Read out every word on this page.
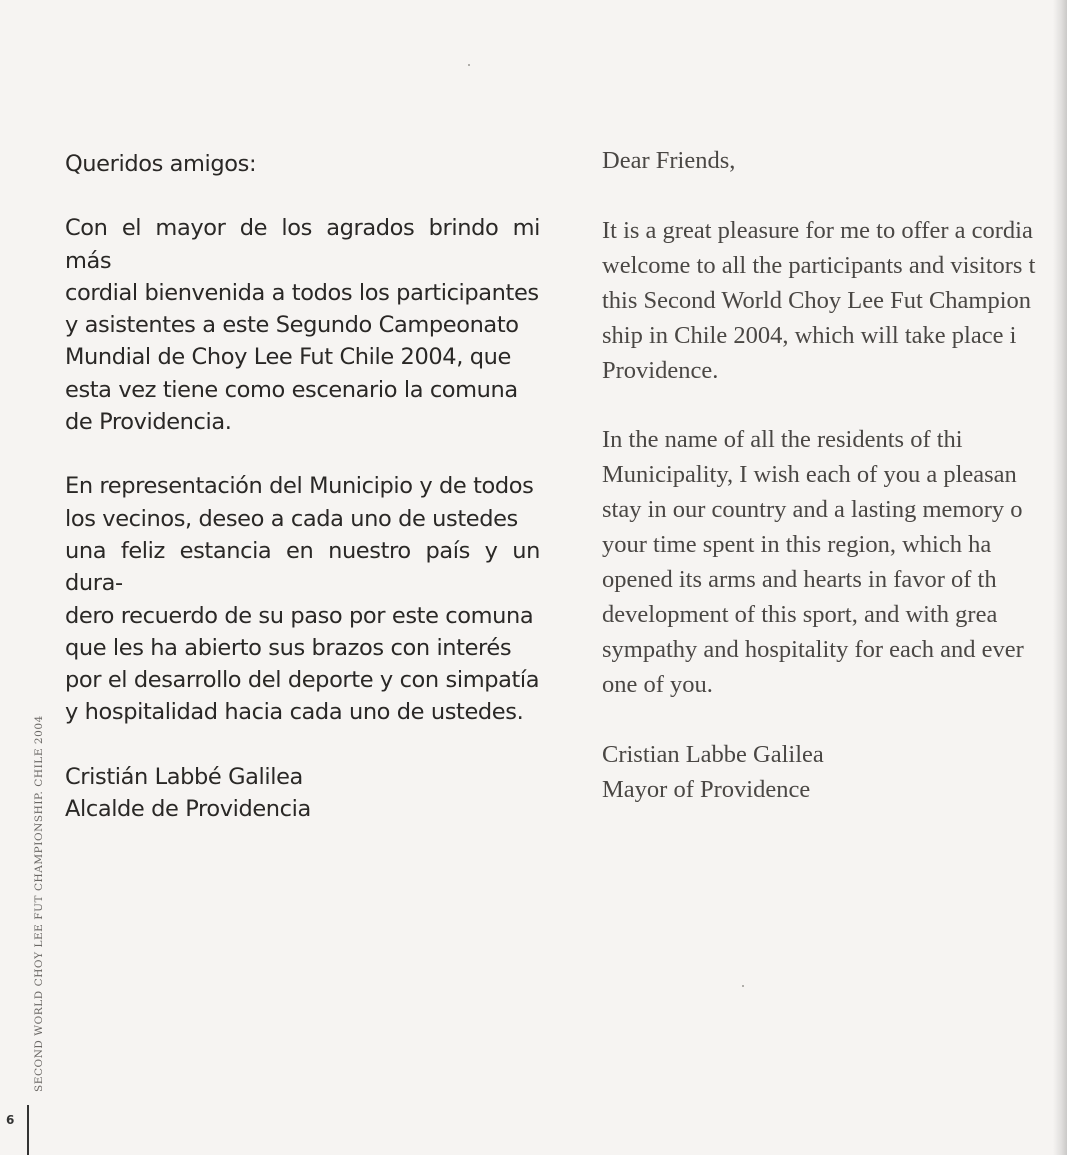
Queridos amigos:

Con el mayor de los agrados brindo mi más

cordial bienvenida a todos los participantes

y asistentes a este Segundo Campeonato

Mundial de Choy Lee Fut Chile 2004, que

esta vez tiene como escenario la comuna

de Providencia.

En representación del Municipio y de todos

los vecinos, deseo a cada uno de ustedes

una feliz estancia en nuestro país y un dura-

dero recuerdo de su paso por este comuna

que les ha abierto sus brazos con interés

por el desarrollo del deporte y con simpatía

y hospitalidad hacia cada uno de ustedes.

Cristián Labbé Galilea
Alcalde de Providencia

Dear Friends,

It is a great pleasure for me to offer a cordia
welcome to all the participants and visitors t
this Second World Choy Lee Fut Champion
ship in Chile 2004, which will take place i
Providence.
In the name of all the residents of thi
Municipality, I wish each of you a pleasan
stay in our country and a lasting memory o
your time spent in this region, which ha
opened its arms and hearts in favor of th
development of this sport, and with grea
sympathy and hospitality for each and ever
one of you.
Cristian Labbe Galilea
Mayor of Providence
SECOND WORLD CHOY LEE FUT CHAMPIONSHIP. CHILE 2004
6
